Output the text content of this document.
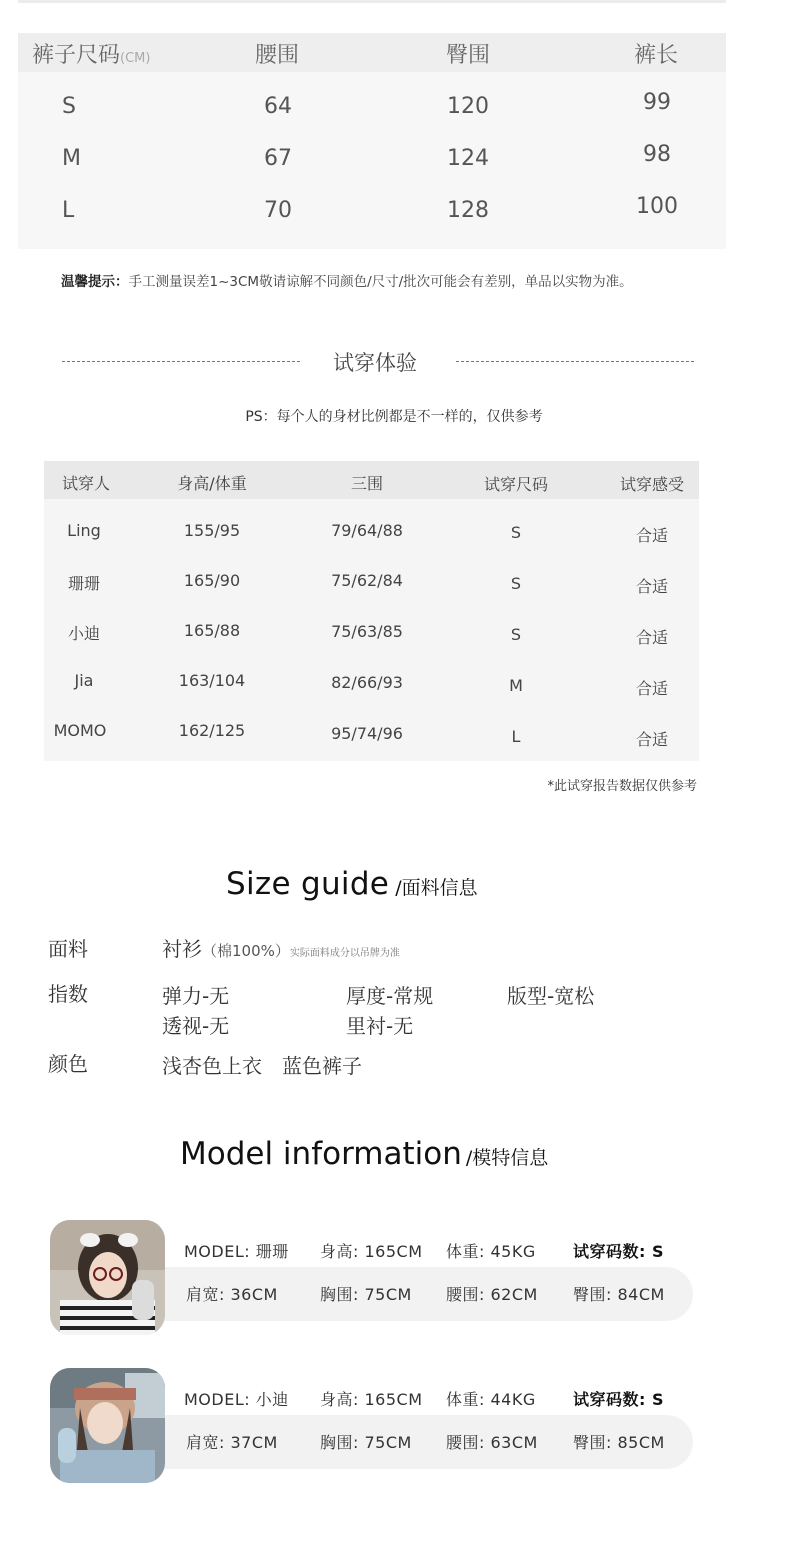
裤子尺码(CM)	腰围	臀围	裤长
S	64	120	99
M	67	124	98
L	70	128	100
温馨提示：手工测量误差1~3CM敬请谅解不同颜色/尺寸/批次可能会有差别，单品以实物为准。
试穿体验
PS：每个人的身材比例都是不一样的，仅供参考
试穿人	身高/体重	三围	试穿尺码	试穿感受
Ling	155/95	79/64/88	S	合适
珊珊	165/90	75/62/84	S	合适
小迪	165/88	75/63/85	S	合适
Jia	163/104	82/66/93	M	合适
MOMO	162/125	95/74/96	L	合适
*此试穿报告数据仅供参考
Size guide /面料信息
面料	衬衫（棉100%）实际面料成分以吊牌为准
指数	弹力-无	厚度-常规	版型-宽松
透视-无	里衬-无
颜色	浅杏色上衣 蓝色裤子
Model information /模特信息
MODEL: 珊珊 身高: 165CM 体重: 45KG 试穿码数: S
肩宽: 36CM	胸围: 75CM 腰围: 62CM 臀围: 84CM
MODEL: 小迪 身高: 165CM 体重: 44KG 试穿码数: S
肩宽: 37CM	胸围: 75CM 腰围: 63CM 臀围: 85CM
